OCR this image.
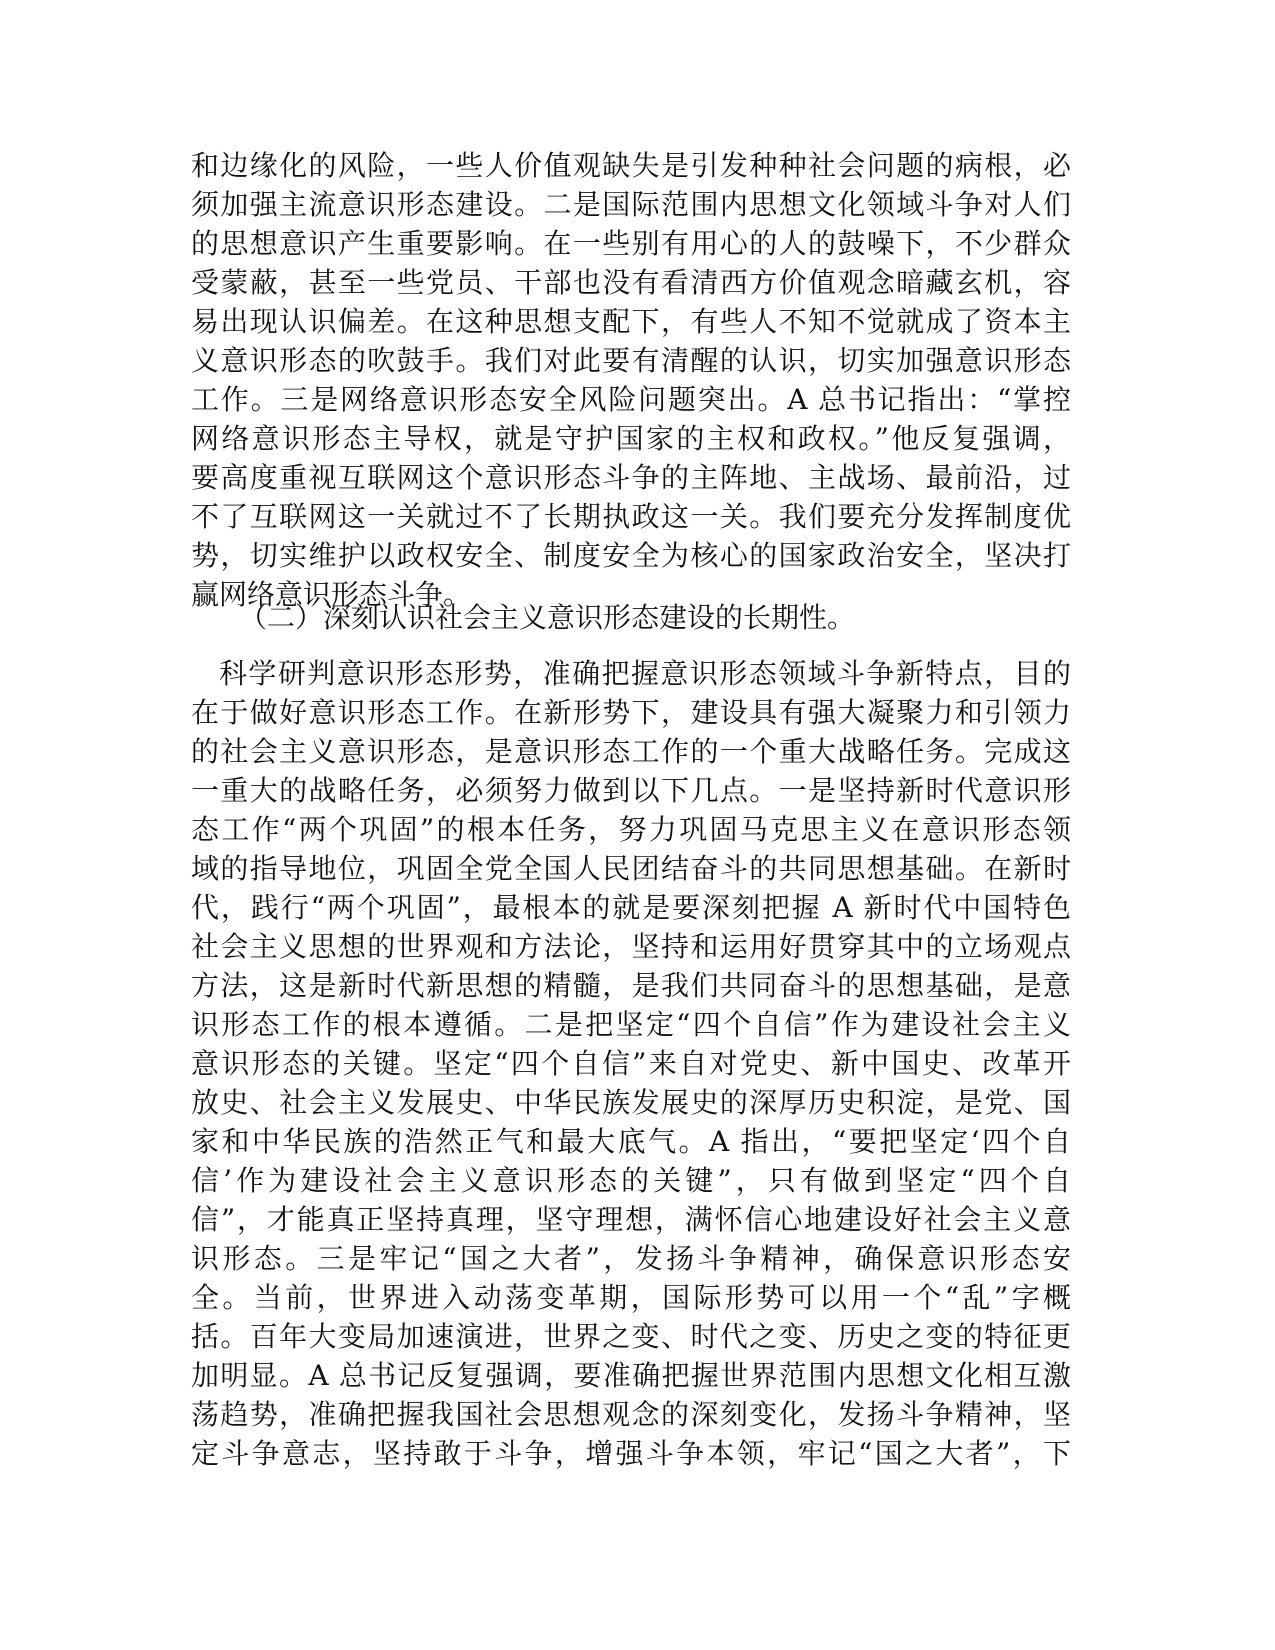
和边缘化的风险，一些人价值观缺失是引发种种社会问题的病根，必
须加强主流意识形态建设。二是国际范围内思想文化领域斗争对人们
的思想意识产生重要影响。在一些别有用心的人的鼓噪下，不少群众
受蒙蔽，甚至一些党员、干部也没有看清西方价值观念暗藏玄机，容
易出现认识偏差。在这种思想支配下，有些人不知不觉就成了资本主
义意识形态的吹鼓手。我们对此要有清醒的认识，切实加强意识形态
工作。三是网络意识形态安全风险问题突出。A 总书记指出：“掌控
网络意识形态主导权，就是守护国家的主权和政权。”他反复强调，
要高度重视互联网这个意识形态斗争的主阵地、主战场、最前沿，过
不了互联网这一关就过不了长期执政这一关。我们要充分发挥制度优
势，切实维护以政权安全、制度安全为核心的国家政治安全，坚决打
赢网络意识形态斗争。
（二）深刻认识社会主义意识形态建设的长期性。
科学研判意识形态形势，准确把握意识形态领域斗争新特点，目的
在于做好意识形态工作。在新形势下，建设具有强大凝聚力和引领力
的社会主义意识形态，是意识形态工作的一个重大战略任务。完成这
一重大的战略任务，必须努力做到以下几点。一是坚持新时代意识形
态工作“两个巩固”的根本任务，努力巩固马克思主义在意识形态领
域的指导地位，巩固全党全国人民团结奋斗的共同思想基础。在新时
代，践行“两个巩固”，最根本的就是要深刻把握 A 新时代中国特色
社会主义思想的世界观和方法论，坚持和运用好贯穿其中的立场观点
方法，这是新时代新思想的精髓，是我们共同奋斗的思想基础，是意
识形态工作的根本遵循。二是把坚定“四个自信”作为建设社会主义
意识形态的关键。坚定“四个自信”来自对党史、新中国史、改革开
放史、社会主义发展史、中华民族发展史的深厚历史积淀，是党、国
家和中华民族的浩然正气和最大底气。A 指出，“要把坚定‘四个自
信’作为建设社会主义意识形态的关键”，只有做到坚定“四个自
信”，才能真正坚持真理，坚守理想，满怀信心地建设好社会主义意
识形态。三是牢记“国之大者”，发扬斗争精神，确保意识形态安
全。当前，世界进入动荡变革期，国际形势可以用一个“乱”字概
括。百年大变局加速演进，世界之变、时代之变、历史之变的特征更
加明显。A 总书记反复强调，要准确把握世界范围内思想文化相互激
荡趋势，准确把握我国社会思想观念的深刻变化，发扬斗争精神，坚
定斗争意志，坚持敢于斗争，增强斗争本领，牢记“国之大者”，下
